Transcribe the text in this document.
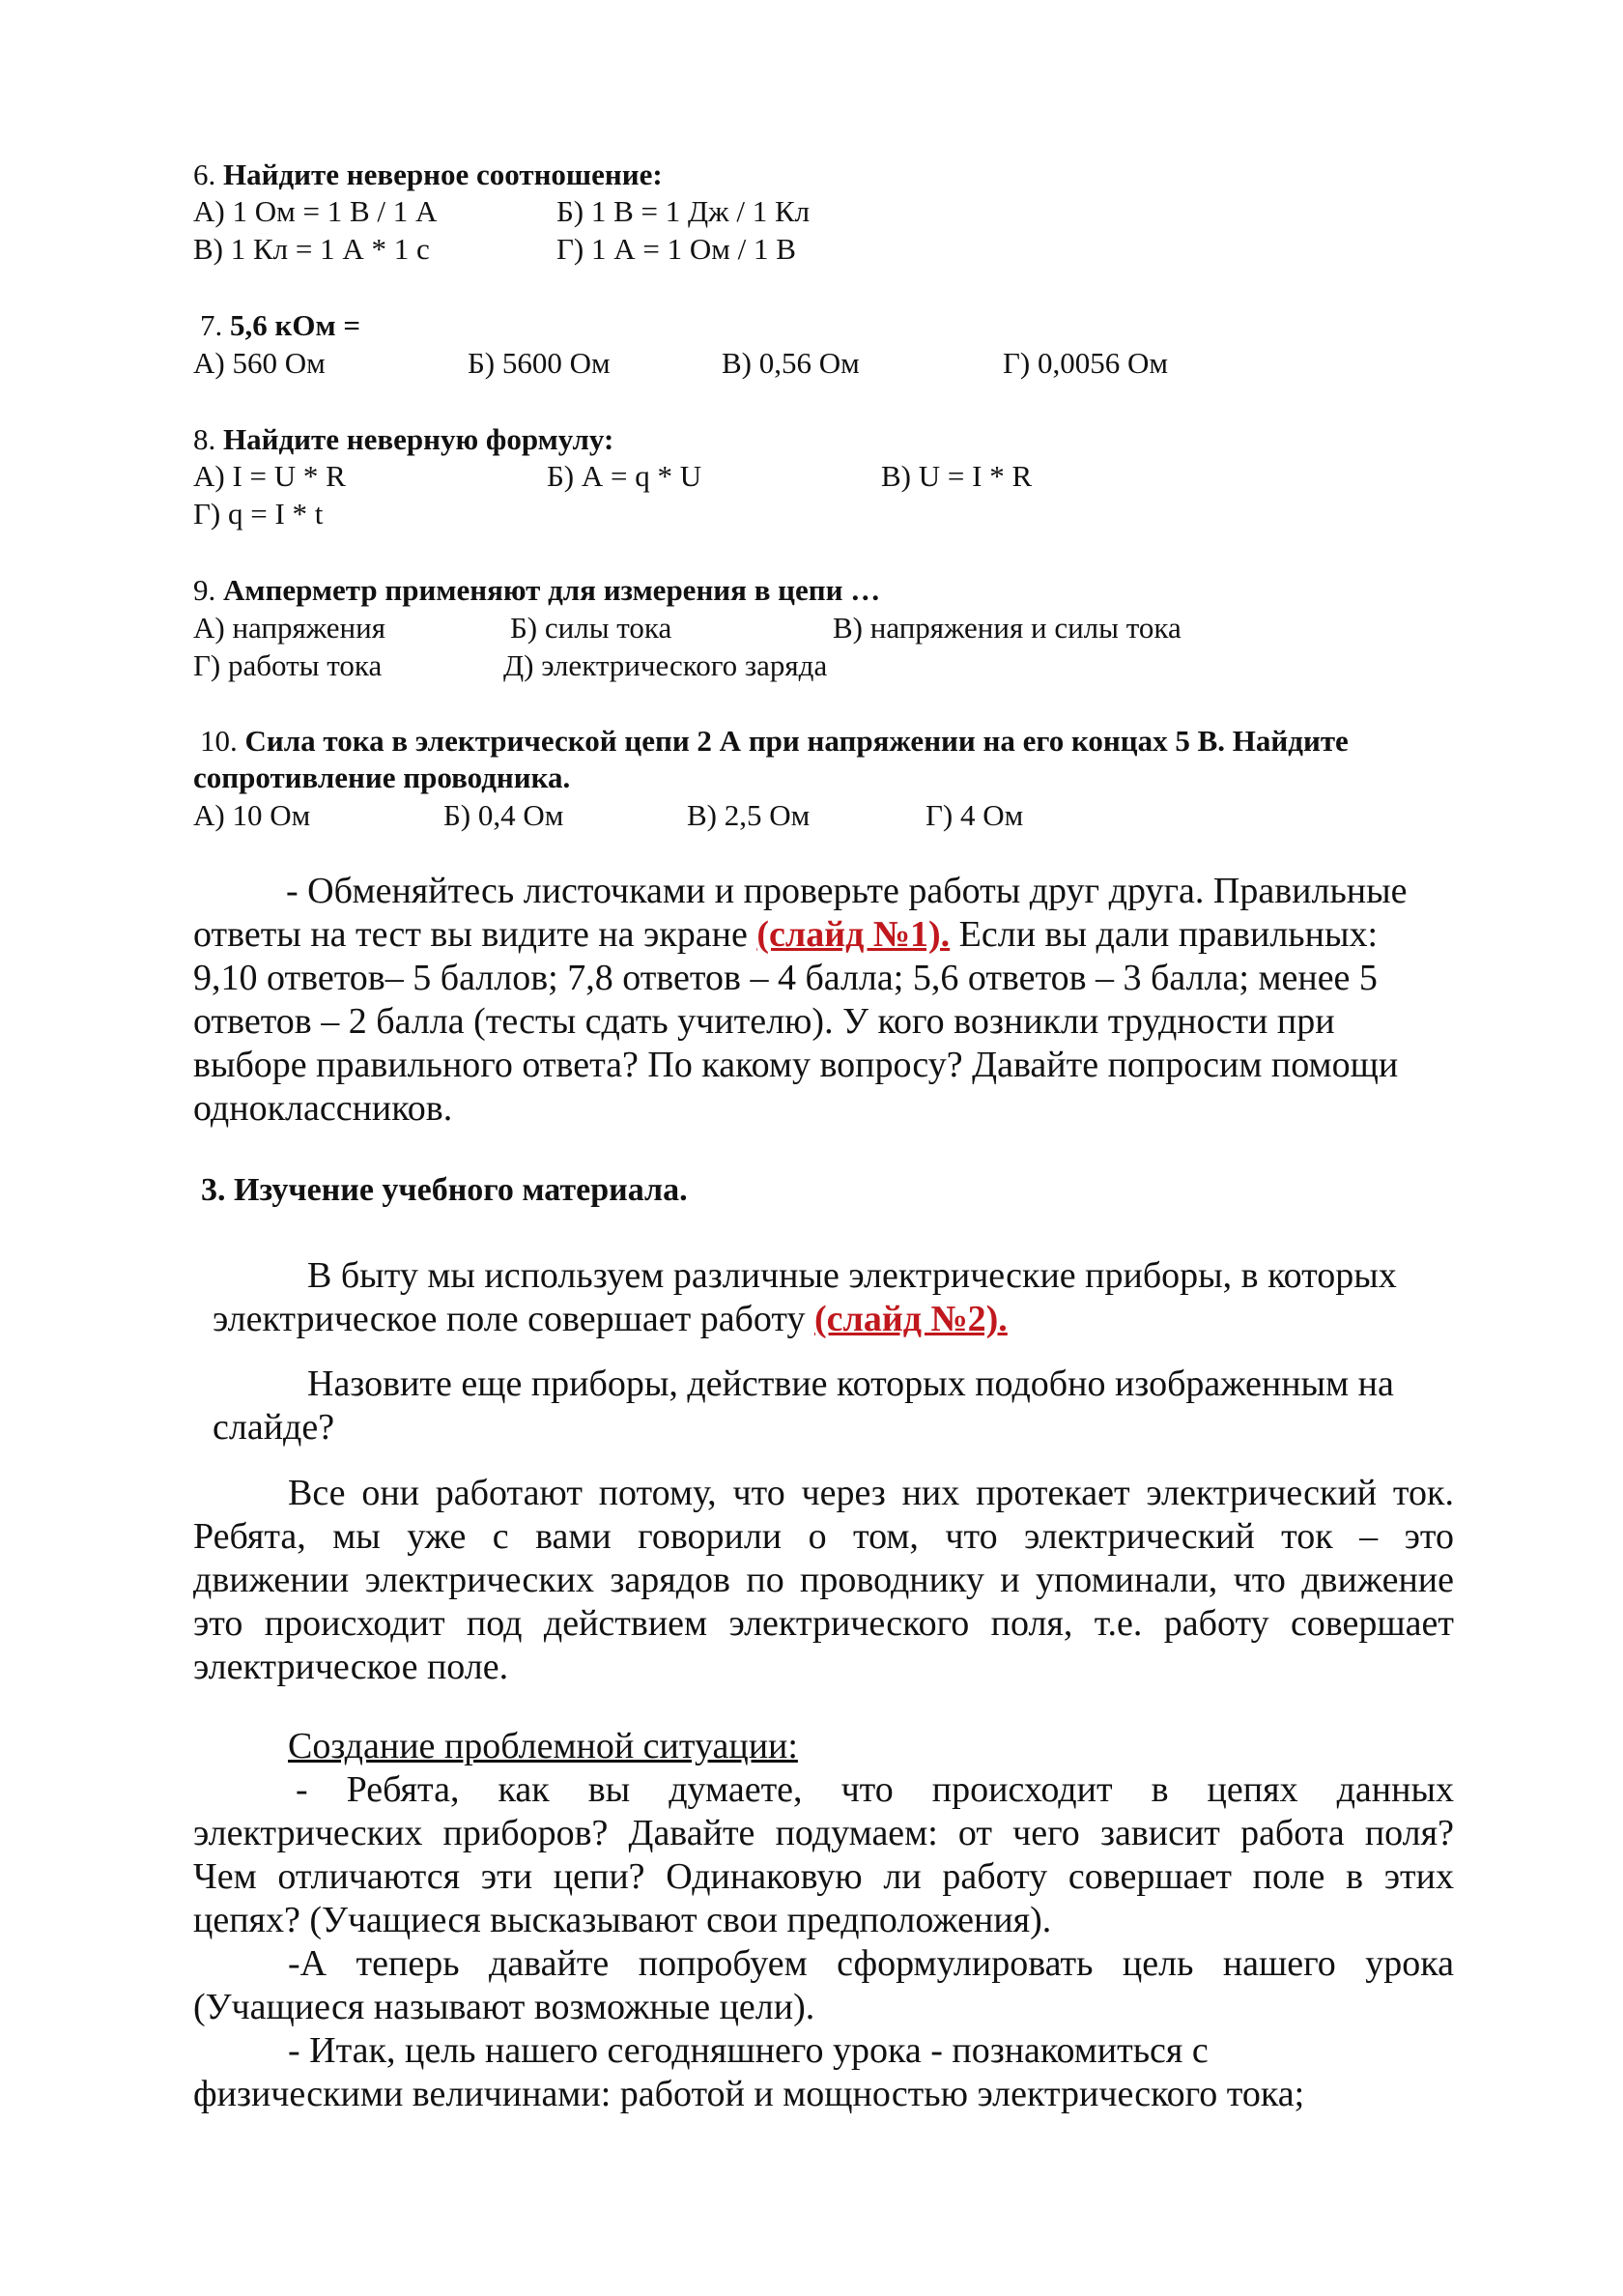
6. Найдите неверное соотношение:
А) 1 Ом = 1 В / 1 А	Б) 1 В = 1 Дж / 1 Кл
В) 1 Кл = 1 А * 1 с	Г) 1 А = 1 Ом / 1 В
7. 5,6 кОм =
А) 560 Ом	Б) 5600 Ом	В) 0,56 Ом	Г) 0,0056 Ом
8. Найдите неверную формулу:
А) I = U * R	Б) А = q * U	В) U = I * R
Г) q = I * t
9. Амперметр применяют для измерения в цепи …
А) напряжения	Б) силы тока	В) напряжения и силы тока
Г) работы тока	Д) электрического заряда
10. Сила тока в электрической цепи 2 А при напряжении на его концах 5 В. Найдите
сопротивление проводника.
А) 10 Ом	Б) 0,4 Ом	В) 2,5 Ом	Г) 4 Ом
- Обменяйтесь листочками и проверьте работы друг друга. Правильные
ответы на тест вы видите на экране (слайд №1). Если вы дали правильных:
9,10 ответов– 5 баллов; 7,8 ответов – 4 балла; 5,6 ответов – 3 балла; менее 5
ответов – 2 балла (тесты сдать учителю). У кого возникли трудности при
выборе правильного ответа? По какому вопросу? Давайте попросим помощи
одноклассников.
3. Изучение учебного материала.
В быту мы используем различные электрические приборы, в которых
электрическое поле совершает работу (слайд №2).
Назовите еще приборы, действие которых подобно изображенным на
слайде?
Все они работают потому, что через них протекает электрический ток.
Ребята, мы уже с вами говорили о том, что электрический ток – это
движении электрических зарядов по проводнику и упоминали, что движение
это происходит под действием электрического поля, т.е. работу совершает
электрическое поле.
Создание проблемной ситуации:
- Ребята, как вы думаете, что происходит в цепях данных
электрических приборов? Давайте подумаем: от чего зависит работа поля?
Чем отличаются эти цепи? Одинаковую ли работу совершает поле в этих
цепях? (Учащиеся высказывают свои предположения).
-А теперь давайте попробуем сформулировать цель нашего урока
(Учащиеся называют возможные цели).
- Итак, цель нашего сегодняшнего урока - познакомиться с
физическими величинами: работой и мощностью электрического тока;
